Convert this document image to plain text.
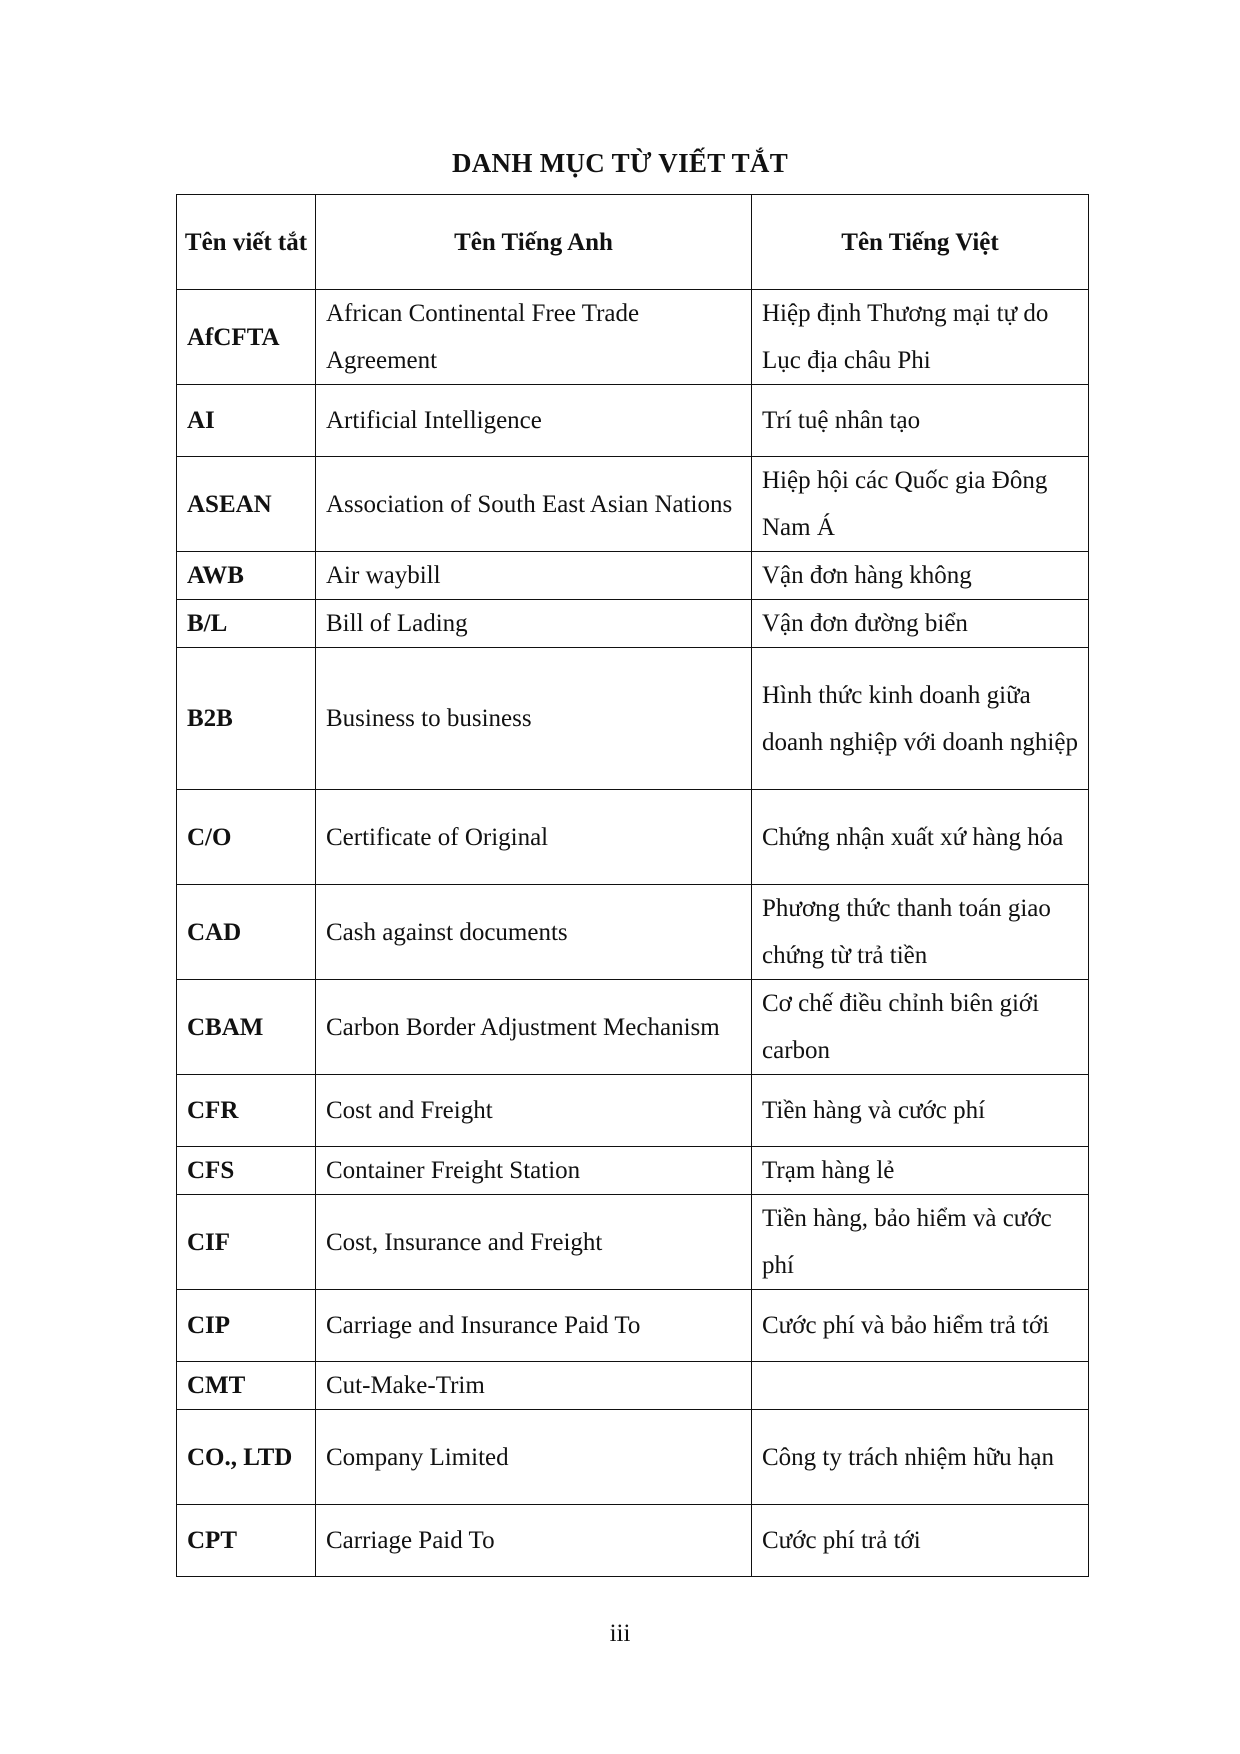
DANH MỤC TỪ VIẾT TẮT
Tên viết tắt	Tên Tiếng Anh	Tên Tiếng Việt
AfCFTA	African Continental Free Trade Agreement	Hiệp định Thương mại tự do Lục địa châu Phi
AI	Artificial Intelligence	Trí tuệ nhân tạo
ASEAN	Association of South East Asian Nations	Hiệp hội các Quốc gia Đông Nam Á
AWB	Air waybill	Vận đơn hàng không
B/L	Bill of Lading	Vận đơn đường biển
B2B	Business to business	Hình thức kinh doanh giữa doanh nghiệp với doanh nghiệp
C/O	Certificate of Original	Chứng nhận xuất xứ hàng hóa
CAD	Cash against documents	Phương thức thanh toán giao chứng từ trả tiền
CBAM	Carbon Border Adjustment Mechanism	Cơ chế điều chỉnh biên giới carbon
CFR	Cost and Freight	Tiền hàng và cước phí
CFS	Container Freight Station	Trạm hàng lẻ
CIF	Cost, Insurance and Freight	Tiền hàng, bảo hiểm và cước phí
CIP	Carriage and Insurance Paid To	Cước phí và bảo hiểm trả tới
CMT	Cut-Make-Trim	
CO., LTD	Company Limited	Công ty trách nhiệm hữu hạn
CPT	Carriage Paid To	Cước phí trả tới
iii
